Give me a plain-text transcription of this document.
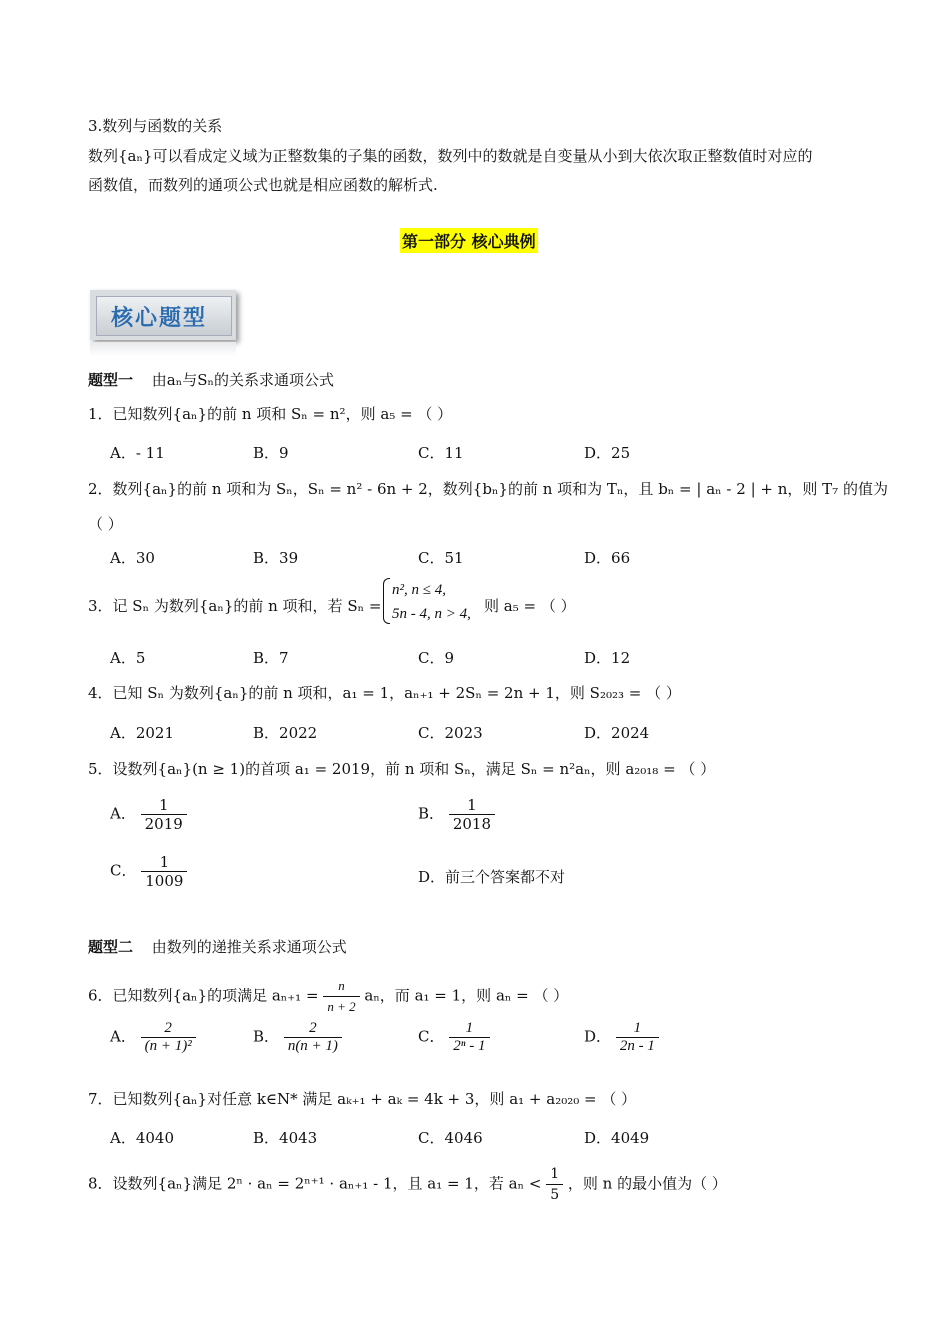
3.数列与函数的关系
数列{aₙ}可以看成定义域为正整数集的子集的函数，数列中的数就是自变量从小到大依次取正整数值时对应的
函数值，而数列的通项公式也就是相应函数的解析式.
第一部分 核心典例
核心题型
题型一 由aₙ与Sₙ的关系求通项公式
1．已知数列{aₙ}的前 n 项和 Sₙ = n²，则 a₅ = （ ）
A．- 11	B．9	C．11	D．25
2．数列{aₙ}的前 n 项和为 Sₙ，Sₙ = n² - 6n + 2，数列{bₙ}的前 n 项和为 Tₙ，且 bₙ = | aₙ - 2 | + n，则 T₇ 的值为
（ ）
A．30	B．39	C．51	D．66
3．记 Sₙ 为数列{aₙ}的前 n 项和，若 Sₙ =
n², n ≤ 4,
5n - 4, n > 4, 则 a₅ = （ ）
A．5	B．7	C．9	D．12
4．已知 Sₙ 为数列{aₙ}的前 n 项和，a₁ = 1，aₙ₊₁ + 2Sₙ = 2n + 1，则 S₂₀₂₃ = （ ）
A．2021	B．2022	C．2023	D．2024
5．设数列{aₙ}(n ≥ 1)的首项 a₁ = 2019，前 n 项和 Sₙ，满足 Sₙ = n²aₙ，则 a₂₀₁₈ = （ ）
A． $\frac{1}{2019}$	B． $\frac{1}{2018}$
C． $\frac{1}{1009}$	D．前三个答案都不对
题型二 由数列的递推关系求通项公式
6．已知数列{aₙ}的项满足 $a_{n+1} = \frac{n}{n + 2}$ aₙ，而 a₁ = 1，则 aₙ = （ ）
A． $\frac{2}{\text{(n + 1)²}}$	B． $\frac{2}{n(n + 1)}$	C． $\frac{1}{\text{2ⁿ - 1}}$	D． $\frac{1}{2n - 1}$
7．已知数列{aₙ}对任意 k∈N* 满足 aₖ₊₁ + aₖ = 4k + 3，则 a₁ + a₂₀₂₀ = （ ）
A．4040	B．4043	C．4046	D．4049
8．设数列{aₙ}满足 2ⁿ · aₙ = 2ⁿ⁺¹ · aₙ₊₁ - 1，且 a₁ = 1，若 $a_n < \frac{1}{5}$ ，则 n 的最小值为（ ）
